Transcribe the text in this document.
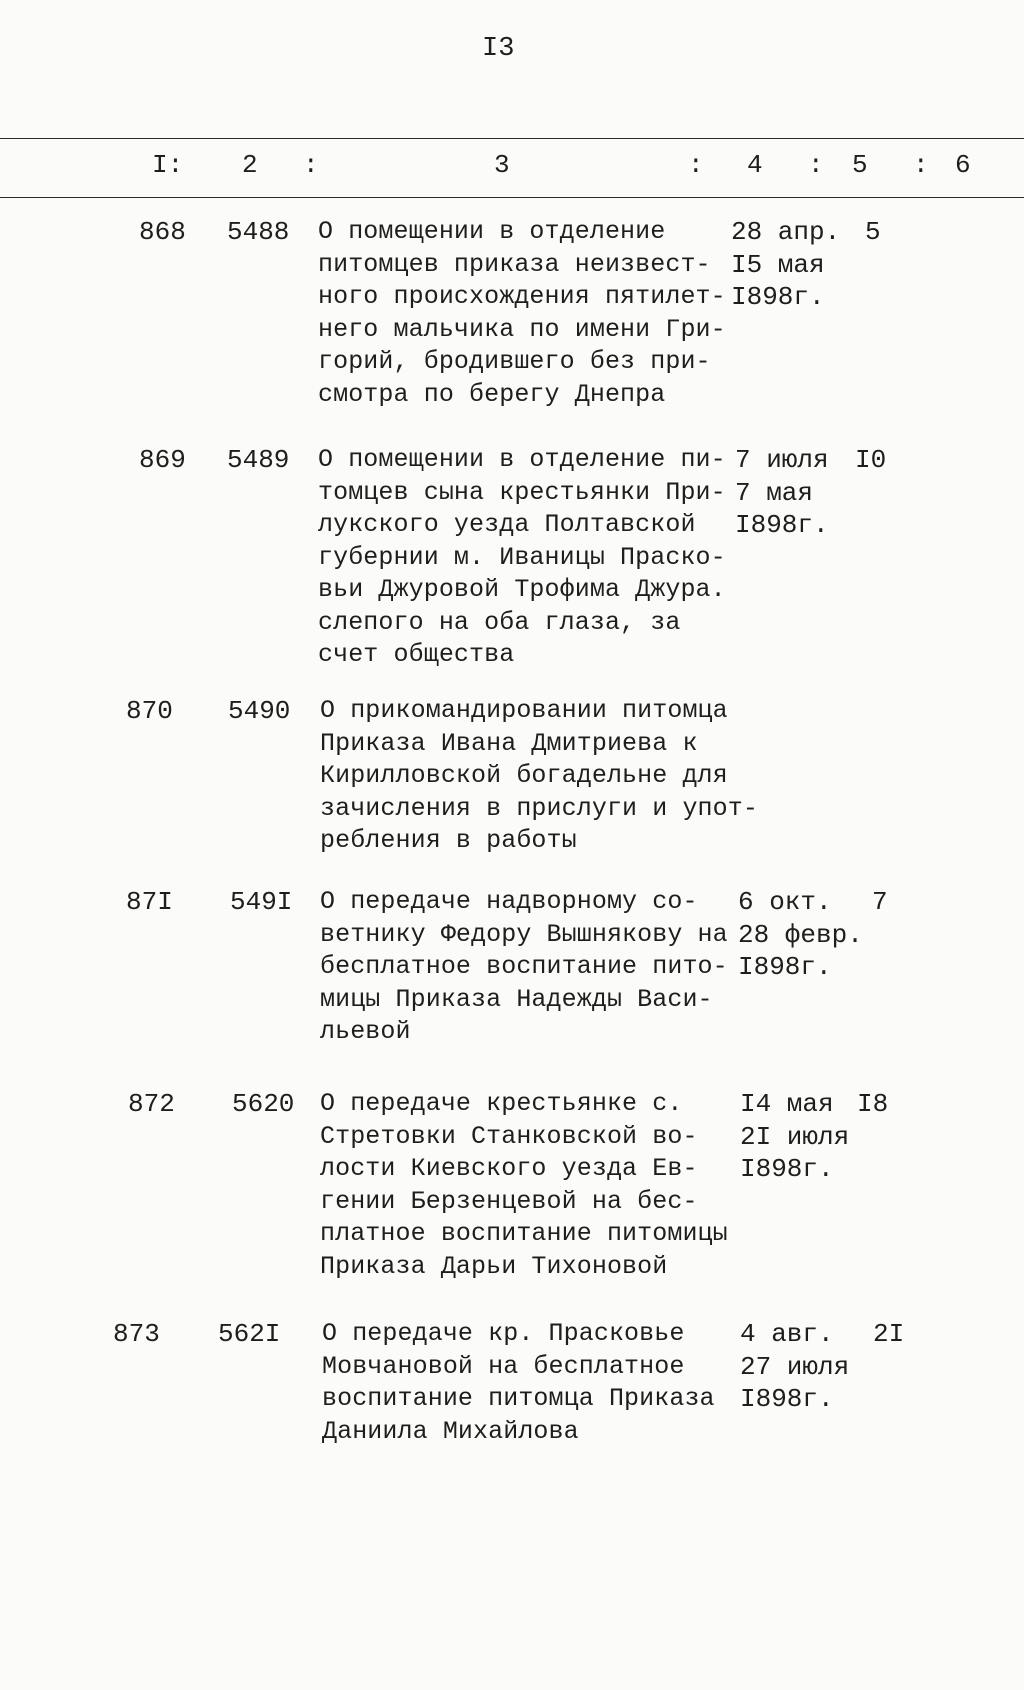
I3
I: 2 :	3	: 4 : 5 : 6
868 5488 О помещении в отделение
питомцев приказа неизвест-
ного происхождения пятилет-
него мальчика по имени Гри-
горий, бродившего без при-
смотра по берегу Днепра
28 апр.
I5 мая
I898г.
5
869 5489 О помещении в отделение пи-
томцев сына крестьянки При-
лукского уезда Полтавской
губернии м. Иваницы Праско-
вьи Джуровой Трофима Джура.
слепого на оба глаза, за
счет общества
7 июля
7 мая
I898г.
I0
870 5490 О прикомандировании питомца
Приказа Ивана Дмитриева к
Кирилловской богадельне для
зачисления в прислуги и упот-
ребления в работы
87I 549I О передаче надворному со-
ветнику Федору Вышнякову на
бесплатное воспитание пито-
мицы Приказа Надежды Васи-
льевой
6 окт.
28 февр.
I898г.
7
872 5620 О передаче крестьянке с.
Стретовки Станковской во-
лости Киевского уезда Ев-
гении Берзенцевой на бес-
платное воспитание питомицы
Приказа Дарьи Тихоновой
I4 мая
2I июля
I898г.
I8
873 562I О передаче кр. Прасковье
Мовчановой на бесплатное
воспитание питомца Приказа
Даниила Михайлова
4 авг.
27 июля
I898г.
2I
